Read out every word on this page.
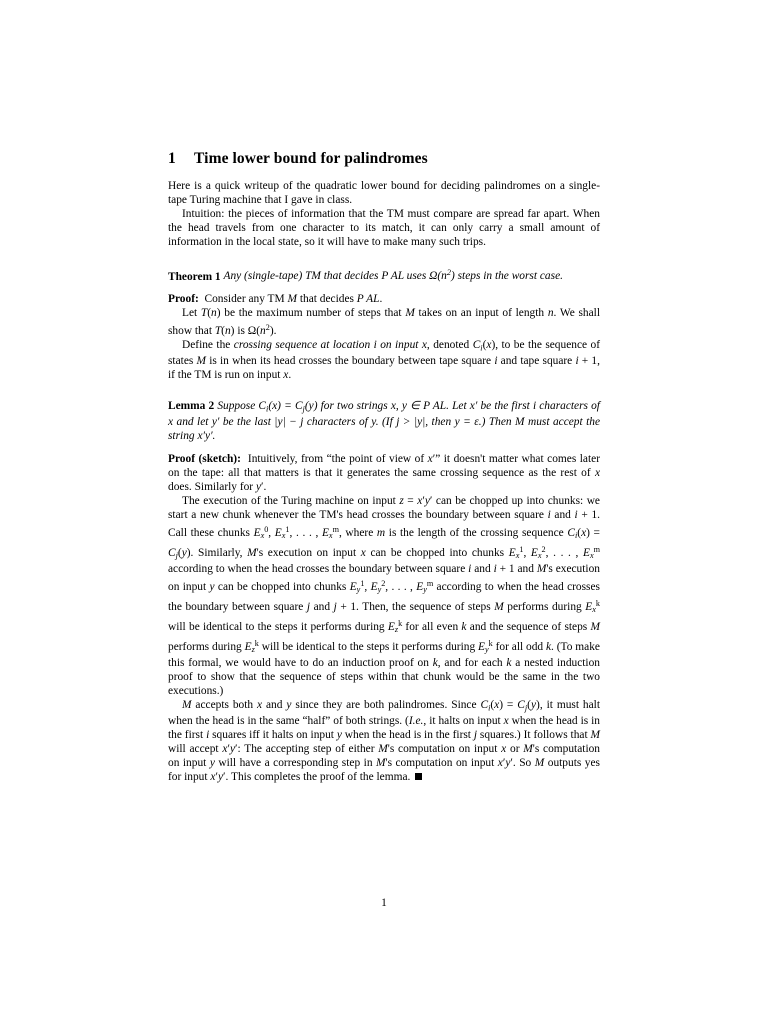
1 Time lower bound for palindromes

Here is a quick writeup of the quadratic lower bound for deciding palindromes on a single-tape Turing machine that I gave in class.

Intuition: the pieces of information that the TM must compare are spread far apart. When the head travels from one character to its match, it can only carry a small amount of information in the local state, so it will have to make many such trips.

Theorem 1 Any (single-tape) TM that decides P AL uses $\Omega(n^2)$ steps in the worst case.

Proof:  Consider any TM M that decides P AL.

Let T(n) be the maximum number of steps that M takes on an input of length n. We shall show that T(n) is $\Omega(n^2)$.

Define the crossing sequence at location i on input x, denoted $C_i(x)$, to be the sequence of states M is in when its head crosses the boundary between tape square i and tape square i + 1, if the TM is run on input x.

Lemma 2 Suppose $C_i(x) = C_j(y)$ for two strings x, y ∈ P AL. Let x′ be the first i characters of x and let y′ be the last |y| − j characters of y. (If j > |y|, then y = ε.) Then M must accept the string x′y′.

Proof (sketch):  Intuitively, from “the point of view of x′” it doesn't matter what comes later on the tape: all that matters is that it generates the same crossing sequence as the rest of x does. Similarly for y′.

The execution of the Turing machine on input z = x′y′ can be chopped up into chunks: we start a new chunk whenever the TM's head crosses the boundary between square i and i + 1. Call these chunks $E_x^0$, $E_x^1$, . . . , $E_x^m$, where m is the length of the crossing sequence $C_i(x) = C_j(y)$. Similarly, M's execution on input x can be chopped into chunks $E_x^1$, $E_x^2$, . . . , $E_x^m$ according to when the head crosses the boundary between square i and i + 1 and M's execution on input y can be chopped into chunks $E_y^1$, $E_y^2$, . . . , $E_y^m$ according to when the head crosses the boundary between square j and j + 1. Then, the sequence of steps M performs during $E_x^k$ will be identical to the steps it performs during $E_z^k$ for all even k and the sequence of steps M performs during $E_z^k$ will be identical to the steps it performs during $E_y^k$ for all odd k. (To make this formal, we would have to do an induction proof on k, and for each k a nested induction proof to show that the sequence of steps within that chunk would be the same in the two executions.)

M accepts both x and y since they are both palindromes. Since $C_i(x) = C_j(y)$, it must halt when the head is in the same “half” of both strings. (I.e., it halts on input x when the head is in the first i squares iff it halts on input y when the head is in the first j squares.) It follows that M will accept x′y′: The accepting step of either M's computation on input x or M's computation on input y will have a corresponding step in M's computation on input x′y′. So M outputs yes for input x′y′. This completes the proof of the lemma.

1
